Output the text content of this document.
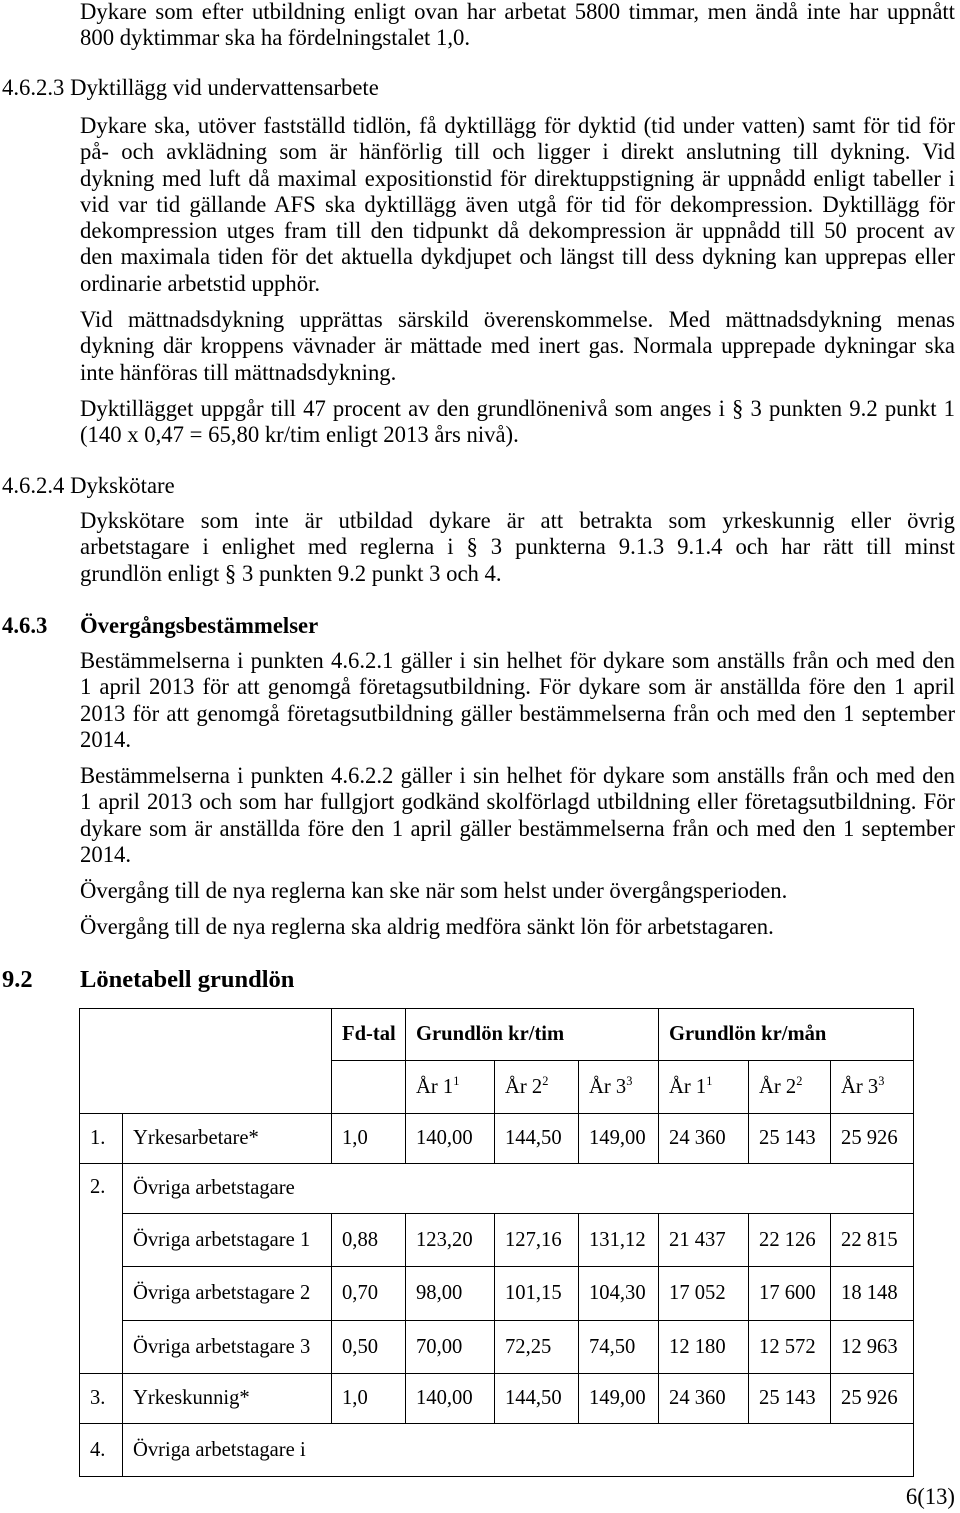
Dykare som efter utbildning enligt ovan har arbetat 5800 timmar, men ändå inte har uppnått
800 dyktimmar ska ha fördelningstalet 1,0.
4.6.2.3 Dyktillägg vid undervattensarbete
Dykare ska, utöver fastställd tidlön, få dyktillägg för dyktid (tid under vatten) samt för tid för
på- och avklädning som är hänförlig till och ligger i direkt anslutning till dykning. Vid
dykning med luft då maximal expositionstid för direktuppstigning är uppnådd enligt tabeller i
vid var tid gällande AFS ska dyktillägg även utgå för tid för dekompression. Dyktillägg för
dekompression utges fram till den tidpunkt då dekompression är uppnådd till 50 procent av
den maximala tiden för det aktuella dykdjupet och längst till dess dykning kan upprepas eller
ordinarie arbetstid upphör.
Vid mättnadsdykning upprättas särskild överenskommelse. Med mättnadsdykning menas
dykning där kroppens vävnader är mättade med inert gas. Normala upprepade dykningar ska
inte hänföras till mättnadsdykning.
Dyktillägget uppgår till 47 procent av den grundlönenivå som anges i § 3 punkten 9.2 punkt 1
(140 x 0,47 = 65,80 kr/tim enligt 2013 års nivå).
4.6.2.4 Dykskötare
Dykskötare som inte är utbildad dykare är att betrakta som yrkeskunnig eller övrig
arbetstagare i enlighet med reglerna i § 3 punkterna 9.1.3 9.1.4 och har rätt till minst
grundlön enligt § 3 punkten 9.2 punkt 3 och 4.
4.6.3 Övergångsbestämmelser
Bestämmelserna i punkten 4.6.2.1 gäller i sin helhet för dykare som anställs från och med den
1 april 2013 för att genomgå företagsutbildning. För dykare som är anställda före den 1 april
2013 för att genomgå företagsutbildning gäller bestämmelserna från och med den 1 september
2014.
Bestämmelserna i punkten 4.6.2.2 gäller i sin helhet för dykare som anställs från och med den
1 april 2013 och som har fullgjort godkänd skolförlagd utbildning eller företagsutbildning. För
dykare som är anställda före den 1 april gäller bestämmelserna från och med den 1 september
2014.
Övergång till de nya reglerna kan ske när som helst under övergångsperioden.
Övergång till de nya reglerna ska aldrig medföra sänkt lön för arbetstagaren.
9.2 Lönetabell grundlön
		Fd-tal	Grundlön kr/tim			Grundlön kr/mån		
			År $1^1$	År $2^2$	År $3^3$	År $1^1$	År $2^2$	År $3^3$
1.	Yrkesarbetare*	1,0	140,00	144,50	149,00	24 360	25 143	25 926
2.	Övriga arbetstagare							
	Övriga arbetstagare 1	0,88	123,20	127,16	131,12	21 437	22 126	22 815
	Övriga arbetstagare 2	0,70	98,00	101,15	104,30	17 052	17 600	18 148
	Övriga arbetstagare 3	0,50	70,00	72,25	74,50	12 180	12 572	12 963
3.	Yrkeskunnig*	1,0	140,00	144,50	149,00	24 360	25 143	25 926
4.	Övriga arbetstagare i							
6(13)
